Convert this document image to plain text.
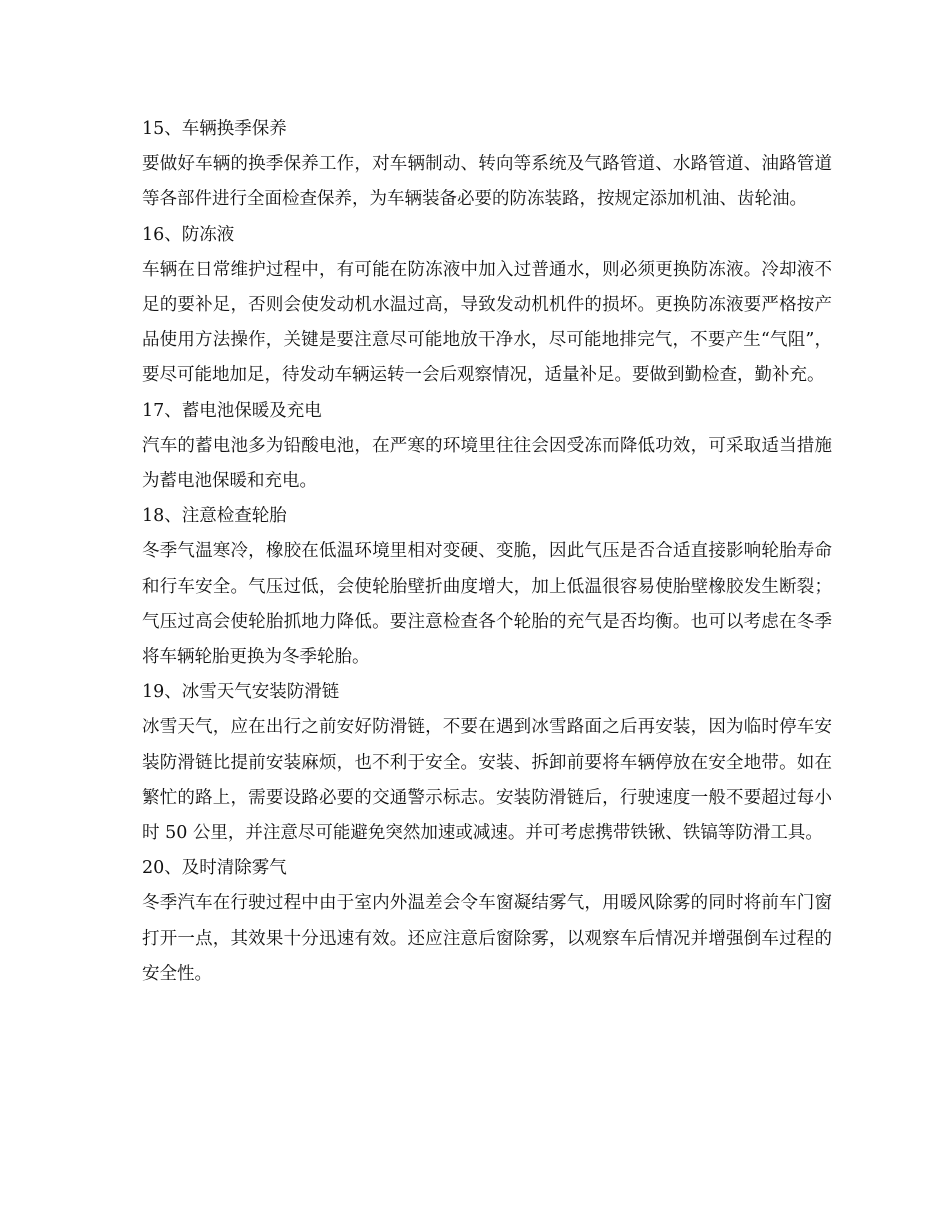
15、车辆换季保养

要做好车辆的换季保养工作，对车辆制动、转向等系统及气路管道、水路管道、油路管道等各部件进行全面检查保养，为车辆装备必要的防冻装路，按规定添加机油、齿轮油。

16、防冻液

车辆在日常维护过程中，有可能在防冻液中加入过普通水，则必须更换防冻液。冷却液不足的要补足，否则会使发动机水温过高，导致发动机机件的损坏。更换防冻液要严格按产品使用方法操作，关键是要注意尽可能地放干净水，尽可能地排完气，不要产生“气阻”，要尽可能地加足，待发动车辆运转一会后观察情况，适量补足。要做到勤检查，勤补充。

17、蓄电池保暖及充电

汽车的蓄电池多为铅酸电池，在严寒的环境里往往会因受冻而降低功效，可采取适当措施为蓄电池保暖和充电。

18、注意检查轮胎

冬季气温寒冷，橡胶在低温环境里相对变硬、变脆，因此气压是否合适直接影响轮胎寿命和行车安全。气压过低，会使轮胎壁折曲度增大，加上低温很容易使胎壁橡胶发生断裂；气压过高会使轮胎抓地力降低。要注意检查各个轮胎的充气是否均衡。也可以考虑在冬季将车辆轮胎更换为冬季轮胎。

19、冰雪天气安装防滑链

冰雪天气，应在出行之前安好防滑链，不要在遇到冰雪路面之后再安装，因为临时停车安装防滑链比提前安装麻烦，也不利于安全。安装、拆卸前要将车辆停放在安全地带。如在繁忙的路上，需要设路必要的交通警示标志。安装防滑链后，行驶速度一般不要超过每小时 50 公里，并注意尽可能避免突然加速或减速。并可考虑携带铁锹、铁镐等防滑工具。

20、及时清除雾气

冬季汽车在行驶过程中由于室内外温差会令车窗凝结雾气，用暖风除雾的同时将前车门窗打开一点，其效果十分迅速有效。还应注意后窗除雾，以观察车后情况并增强倒车过程的安全性。
